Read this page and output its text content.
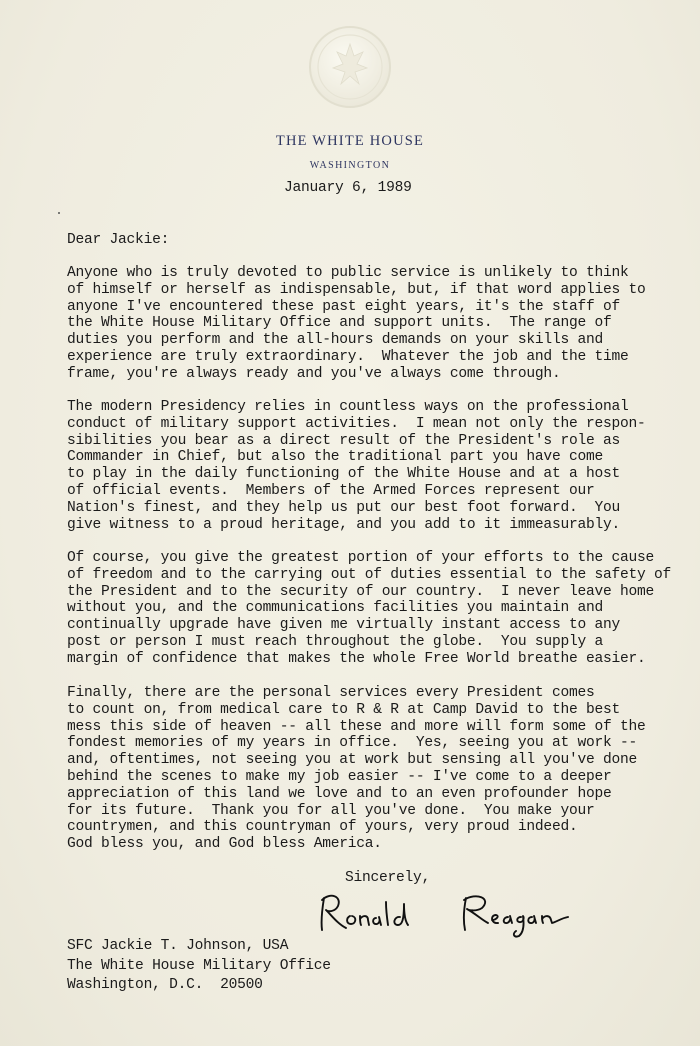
THE WHITE HOUSE
WASHINGTON
January 6, 1989
Dear Jackie:
Anyone who is truly devoted to public service is unlikely to think
of himself or herself as indispensable, but, if that word applies to
anyone I've encountered these past eight years, it's the staff of
the White House Military Office and support units.  The range of
duties you perform and the all-hours demands on your skills and
experience are truly extraordinary.  Whatever the job and the time
frame, you're always ready and you've always come through.
The modern Presidency relies in countless ways on the professional
conduct of military support activities.  I mean not only the respon-
sibilities you bear as a direct result of the President's role as
Commander in Chief, but also the traditional part you have come
to play in the daily functioning of the White House and at a host
of official events.  Members of the Armed Forces represent our
Nation's finest, and they help us put our best foot forward.  You
give witness to a proud heritage, and you add to it immeasurably.
Of course, you give the greatest portion of your efforts to the cause
of freedom and to the carrying out of duties essential to the safety of
the President and to the security of our country.  I never leave home
without you, and the communications facilities you maintain and
continually upgrade have given me virtually instant access to any
post or person I must reach throughout the globe.  You supply a
margin of confidence that makes the whole Free World breathe easier.
Finally, there are the personal services every President comes
to count on, from medical care to R & R at Camp David to the best
mess this side of heaven -- all these and more will form some of the
fondest memories of my years in office.  Yes, seeing you at work --
and, oftentimes, not seeing you at work but sensing all you've done
behind the scenes to make my job easier -- I've come to a deeper
appreciation of this land we love and to an even profounder hope
for its future.  Thank you for all you've done.  You make your
countrymen, and this countryman of yours, very proud indeed.
God bless you, and God bless America.
Sincerely,
SFC Jackie T. Johnson, USA
The White House Military Office
Washington, D.C.  20500
